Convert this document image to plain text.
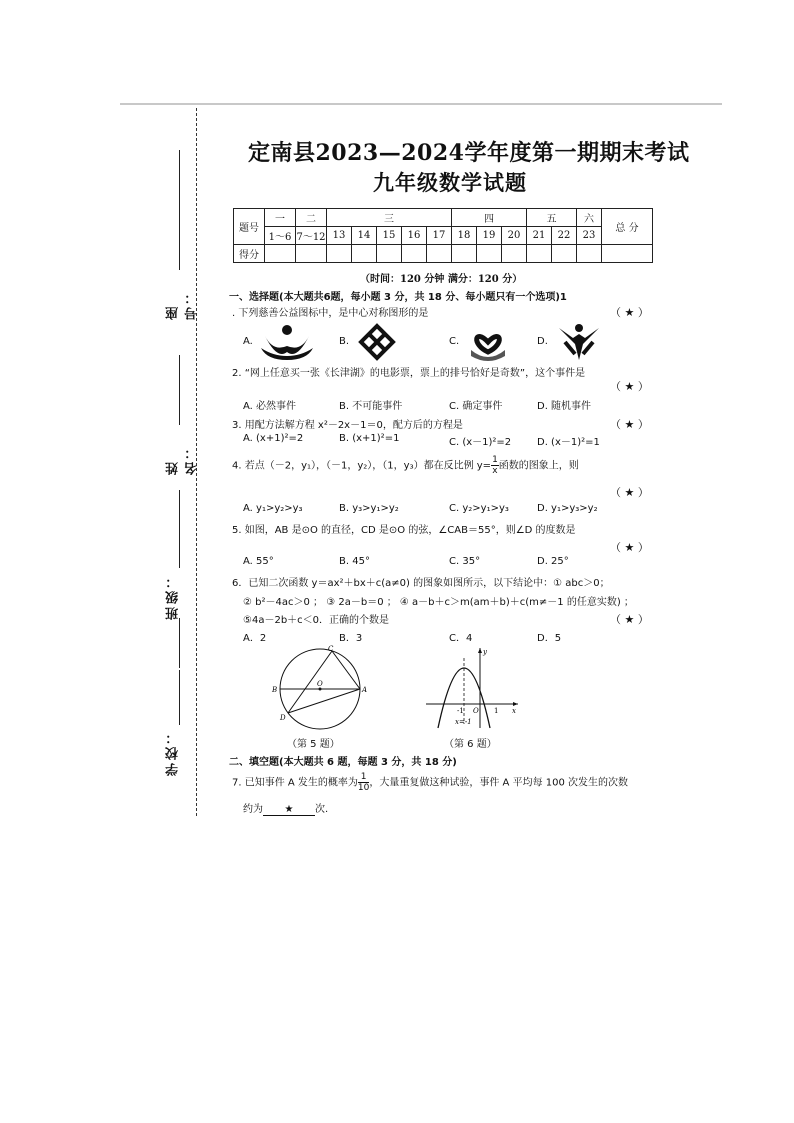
座号：
姓名：
班级：
学校：
定南县2023—2024学年度第一期期末考试
九年级数学试题
题号	一	二	三					四			五		六	总 分
	1～6	7～12	13	14	15	16	17	18	19	20	21	22	23	
得分														
（时间：120 分钟 满分：120 分）
一、选择题(本大题共6题，每小题 3 分，共 18 分、每小题只有一个选项)1
. 下列慈善公益图标中，是中心对称图形的是	（ ★ ）
A.	B.	C.	D.
2. “网上任意买一张《长津湖》的电影票，票上的排号恰好是奇数”，这个事件是
（ ★ ）
A. 必然事件	B. 不可能事件	C. 确定事件	D. 随机事件
3. 用配方法解方程 x²－2x－1＝0，配方后的方程是	（ ★ ）
A. (x+1)²=2	B. (x+1)²=1	C. (x－1)²=2	D. (x－1)²=1
4. 若点（－2，y₁），（－1，y₂），（1，y₃）都在反比例 $y= \frac{1}{x}$ 函数的图象上，则
（ ★ ）
A. y₁>y₂>y₃	B. y₃>y₁>y₂	C. y₂>y₁>y₃	D. y₁>y₃>y₂
5. 如图，AB 是⊙O 的直径，CD 是⊙O 的弦，∠CAB＝55°，则∠D 的度数是
（ ★ ）
A. 55°	B. 45°	C. 35°	D. 25°
6．已知二次函数 y＝ax²＋bx＋c(a≠0) 的图象如图所示，以下结论中：① abc＞0；
② b²－4ac＞0 ； ③ 2a－b＝0 ； ④ a－b＋c＞m(am＋b)＋c(m≠－1 的任意实数) ；
⑤4a－2b＋c＜0．正确的个数是	（ ★ ）
A．2	B．3	C．4	D．5
C
B
O
A
D
（第 5 题）
y
-1 O 1 x
x=-1
（第 6 题）
二、填空题(本大题共 6 题，每题 3 分，共 18 分)
7. 已知事件 A 发生的概率为 $\frac{1}{10}$ ，大量重复做这种试验，事件 A 平均每 100 次发生的次数
约为 ★ 次.
